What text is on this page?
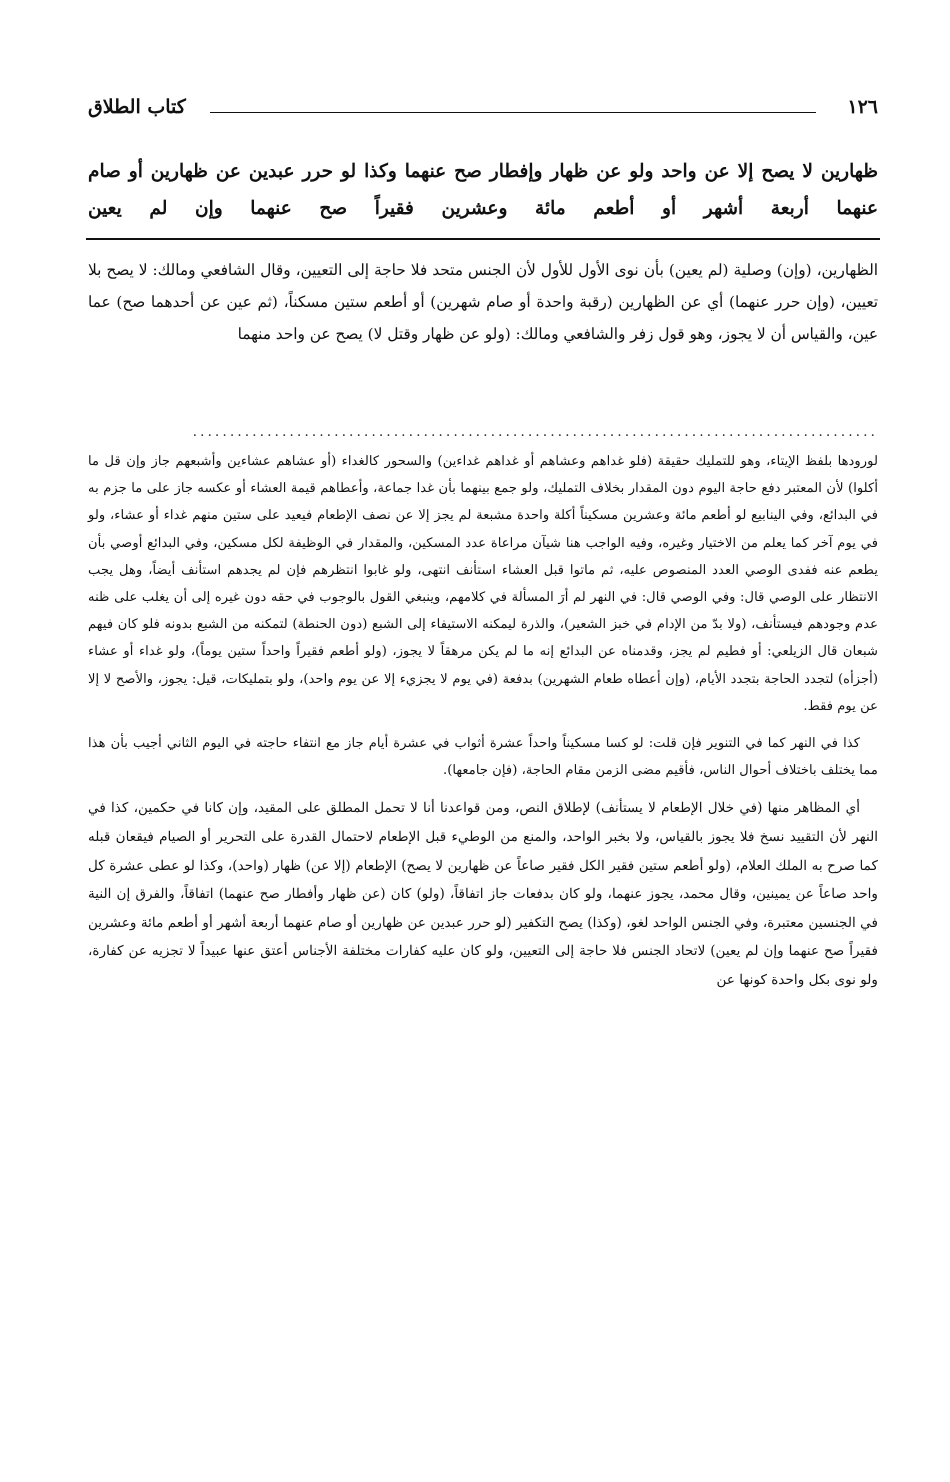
١٢٦
كتاب الطلاق
ظهارين لا يصح إلا عن واحد ولو عن ظهار وإفطار صح عنهما وكذا لو حرر عبدين عن ظهارين أو صام عنهما أربعة أشهر أو أطعم مائة وعشرين فقيراً صح عنهما وإن لم يعين
الظهارين، (وإن) وصلية (لم يعين) بأن نوى الأول للأول لأن الجنس متحد فلا حاجة إلى التعيين، وقال الشافعي ومالك: لا يصح بلا تعيين، (وإن حرر عنهما) أي عن الظهارين (رقبة واحدة أو صام شهرين) أو أطعم ستين مسكناً، (ثم عين عن أحدهما صح) عما عين، والقياس أن لا يجوز، وهو قول زفر والشافعي ومالك: (ولو عن ظهار وقتل لا) يصح عن واحد منهما
............................................................................................

لورودها بلفظ الإيتاء، وهو للتمليك حقيقة (فلو غداهم وعشاهم أو غداهم غداءين) والسحور كالغداء (أو عشاهم عشاءين وأشبعهم جاز وإن قل ما أكلوا) لأن المعتبر دفع حاجة اليوم دون المقدار بخلاف التمليك، ولو جمع بينهما بأن غدا جماعة، وأعطاهم قيمة العشاء أو عكسه جاز على ما جزم به في البدائع، وفي الينابيع لو أطعم مائة وعشرين مسكيناً أكلة واحدة مشبعة لم يجز إلا عن نصف الإطعام فيعيد على ستين منهم غداء أو عشاء، ولو في يوم آخر كما يعلم من الاختيار وغيره، وفيه الواجب هنا شيآن مراعاة عدد المسكين، والمقدار في الوظيفة لكل مسكين، وفي البدائع أوصي بأن يطعم عنه ففدى الوصي العدد المنصوص عليه، ثم ماتوا قبل العشاء استأنف انتهى، ولو غابوا انتظرهم فإن لم يجدهم استأنف أيضاً، وهل يجب الانتظار على الوصي قال: وفي الوصي قال: في النهر لم أرَ المسألة في كلامهم، وينبغي القول بالوجوب في حقه دون غيره إلى أن يغلب على ظنه عدم وجودهم فيستأنف، (ولا بدّ من الإدام في خبز الشعير)، والذرة ليمكنه الاستيفاء إلى الشبع (دون الحنطة) لتمكنه من الشبع بدونه فلو كان فيهم شبعان قال الزيلعي: أو فطيم لم يجز، وقدمناه عن البدائع إنه ما لم يكن مرهقاً لا يجوز، (ولو أطعم فقيراً واحداً ستين يوماً)، ولو غداء أو عشاء (أجزأه) لتجدد الحاجة بتجدد الأيام، (وإن أعطاه طعام الشهرين) بدفعة (في يوم لا يجزيء إلا عن يوم واحد)، ولو بتمليكات، قيل: يجوز، والأصح لا إلا عن يوم فقط.

كذا في النهر كما في التنوير فإن قلت: لو كسا مسكيناً واحداً عشرة أثواب في عشرة أيام جاز مع انتفاء حاجته في اليوم الثاني أجيب بأن هذا مما يختلف باختلاف أحوال الناس، فأقيم مضى الزمن مقام الحاجة، (فإن جامعها).

أي المظاهر منها (في خلال الإطعام لا يستأنف) لإطلاق النص، ومن قواعدنا أنا لا تحمل المطلق على المقيد، وإن كانا في حكمين، كذا في النهر لأن التقييد نسخ فلا يجوز بالقياس، ولا بخبر الواحد، والمنع من الوطيء قبل الإطعام لاحتمال القدرة على التحرير أو الصيام فيقعان قبله كما صرح به الملك العلام، (ولو أطعم ستين فقير الكل فقير صاعاً عن ظهارين لا يصح) الإطعام (إلا عن) ظهار (واحد)، وكذا لو عطى عشرة كل واحد صاعاً عن يمينين، وقال محمد، يجوز عنهما، ولو كان بدفعات جاز اتفاقاً، (ولو) كان (عن ظهار وأفطار صح عنهما) اتفاقاً، والفرق إن النية في الجنسين معتبرة، وفي الجنس الواحد لغو، (وكذا) يصح التكفير (لو حرر عبدين عن ظهارين أو صام عنهما أربعة أشهر أو أطعم مائة وعشرين فقيراً صح عنهما وإن لم يعين) لاتحاد الجنس فلا حاجة إلى التعيين، ولو كان عليه كفارات مختلفة الأجناس أعتق عنها عبيداً لا تجزيه عن كفارة، ولو نوى بكل واحدة كونها عن
